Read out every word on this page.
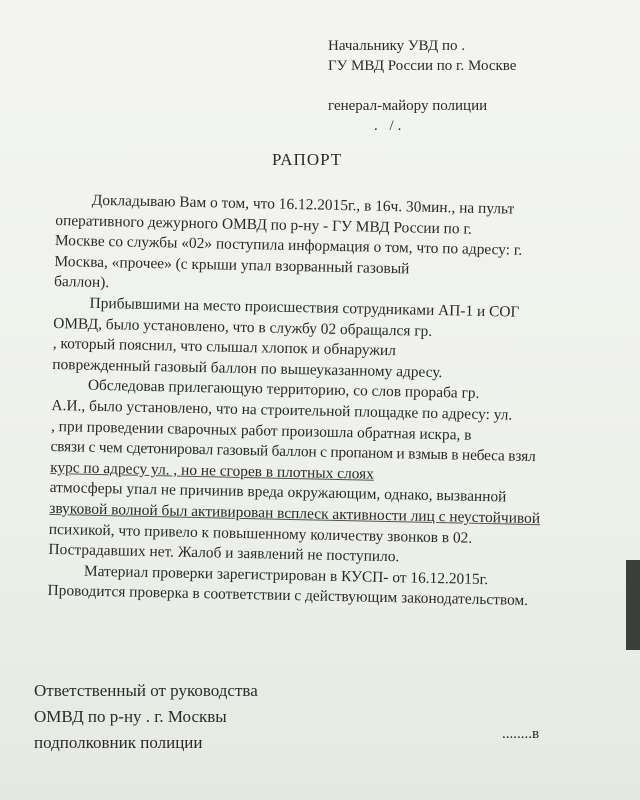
Начальнику УВД по .
ГУ МВД России по г. Москве
генерал-майору полиции
. /.
РАПОРТ
Докладываю Вам о том, что 16.12.2015г., в 16ч. 30мин., на пульт
оперативного дежурного ОМВД по р-ну - ГУ МВД России по г.
Москве со службы «02» поступила информация о том, что по адресу: г.
Москва, «прочее» (с крыши упал взорванный газовый
баллон).
Прибывшими на место происшествия сотрудниками АП-1 и СОГ
ОМВД, было установлено, что в службу 02 обращался гр.
, который пояснил, что слышал хлопок и обнаружил
поврежденный газовый баллон по вышеуказанному адресу.
Обследовав прилегающую территорию, со слов прораба гр.
А.И., было установлено, что на строительной площадке по адресу: ул.
, при проведении сварочных работ произошла обратная искра, в
связи с чем сдетонировал газовый баллон с пропаном и взмыв в небеса взял
курс по адресу ул. , но не сгорев в плотных слоях
атмосферы упал не причинив вреда окружающим, однако, вызванной
звуковой волной был активирован всплеск активности лиц с неустойчивой
психикой, что привело к повышенному количеству звонков в 02.
Пострадавших нет. Жалоб и заявлений не поступило.
Материал проверки зарегистрирован в КУСП- от 16.12.2015г.
Проводится проверка в соответствии с действующим законодательством.
Ответственный от руководства
ОМВД по р-ну . г. Москвы
подполковник полиции	........в
